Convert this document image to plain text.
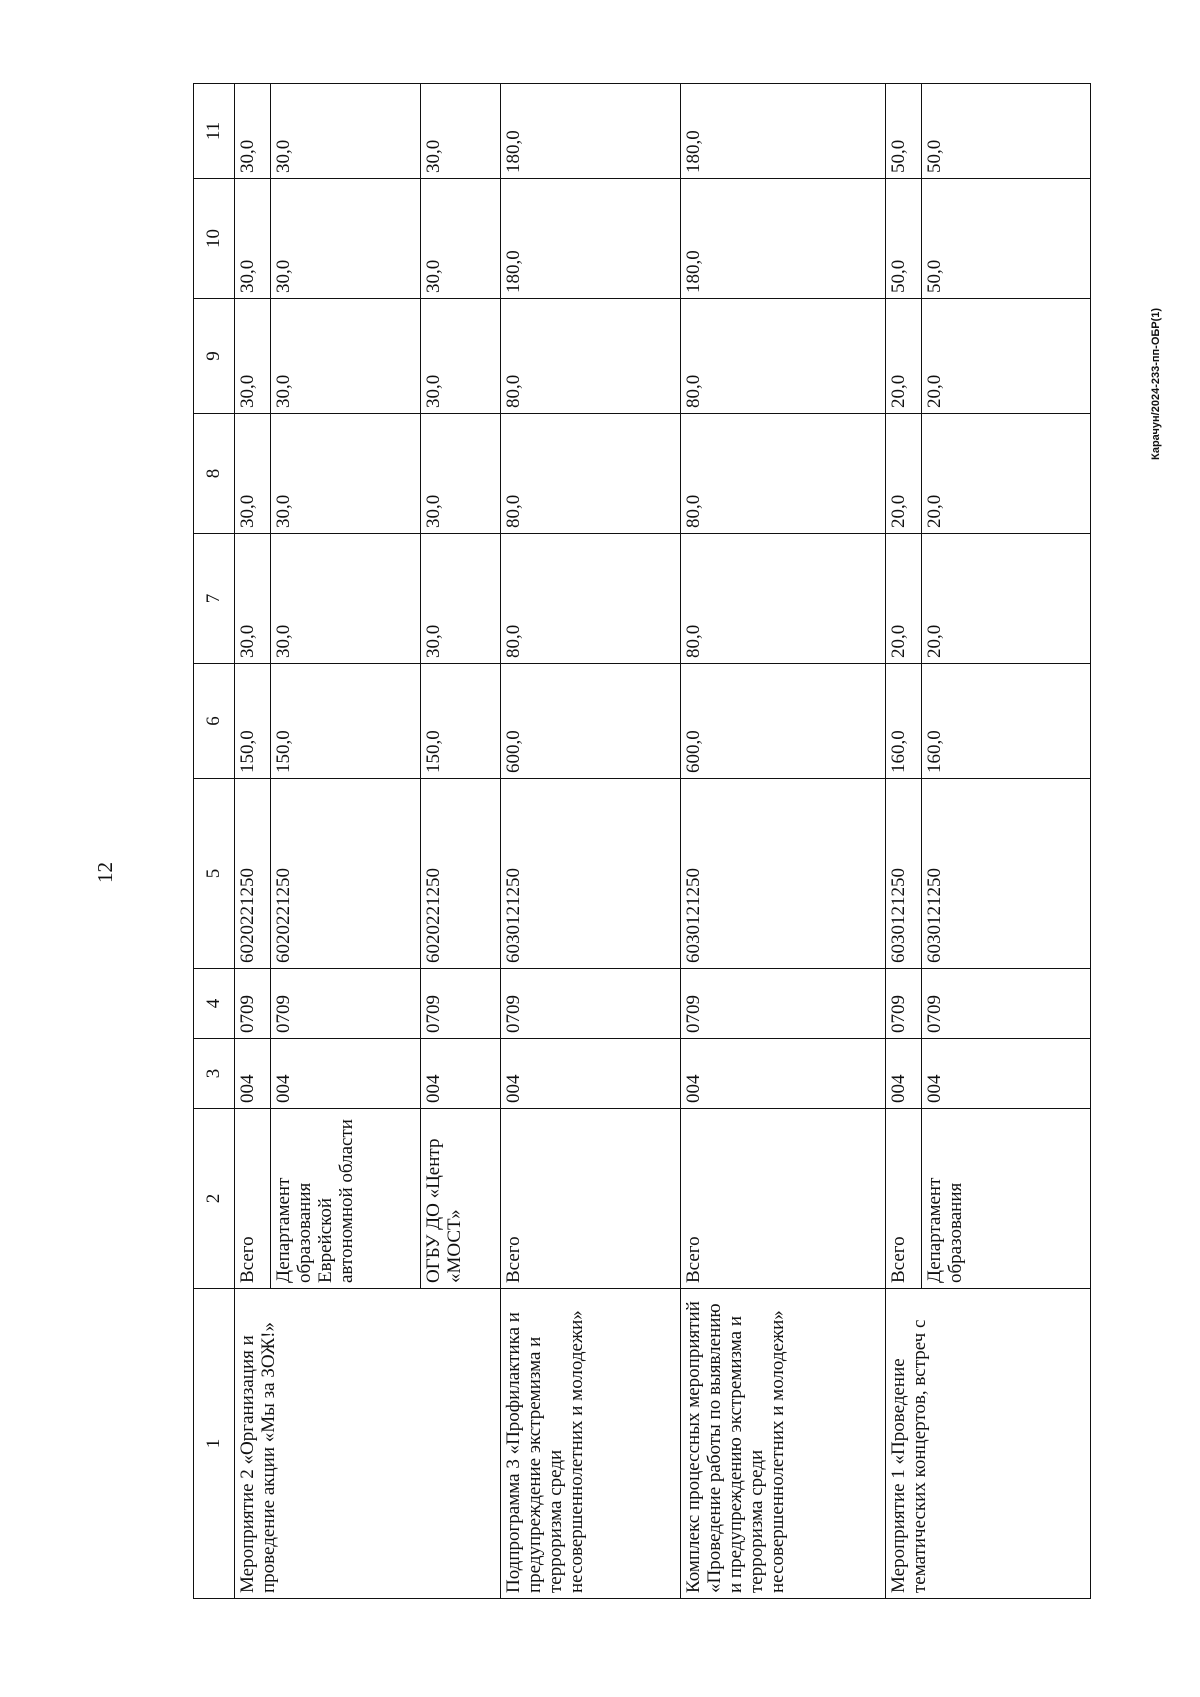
12
Карачун/2024-233-пп-ОБР(1)
1	2	3	4	5	6	7	8	9	10	11
Мероприятие 2 «Организация и проведение акции «Мы за ЗОЖ!»	Всего	004	0709	6020221250	150,0	30,0	30,0	30,0	30,0	30,0
	Департамент образования Еврейской автономной области	004	0709	6020221250	150,0	30,0	30,0	30,0	30,0	30,0
	ОГБУ ДО «Центр «МОСТ»	004	0709	6020221250	150,0	30,0	30,0	30,0	30,0	30,0
Подпрограмма 3 «Профилактика и предупреждение экстремизма и терроризма среди несовершеннолетних и молодежи»	Всего	004	0709	6030121250	600,0	80,0	80,0	80,0	180,0	180,0
Комплекс процессных мероприятий «Проведение работы по выявлению и предупреждению экстремизма и терроризма среди несовершеннолетних и молодежи»	Всего	004	0709	6030121250	600,0	80,0	80,0	80,0	180,0	180,0
Мероприятие 1 «Проведение тематических концертов, встреч с	Всего	004	0709	6030121250	160,0	20,0	20,0	20,0	50,0	50,0
	Департамент образования	004	0709	6030121250	160,0	20,0	20,0	20,0	50,0	50,0
